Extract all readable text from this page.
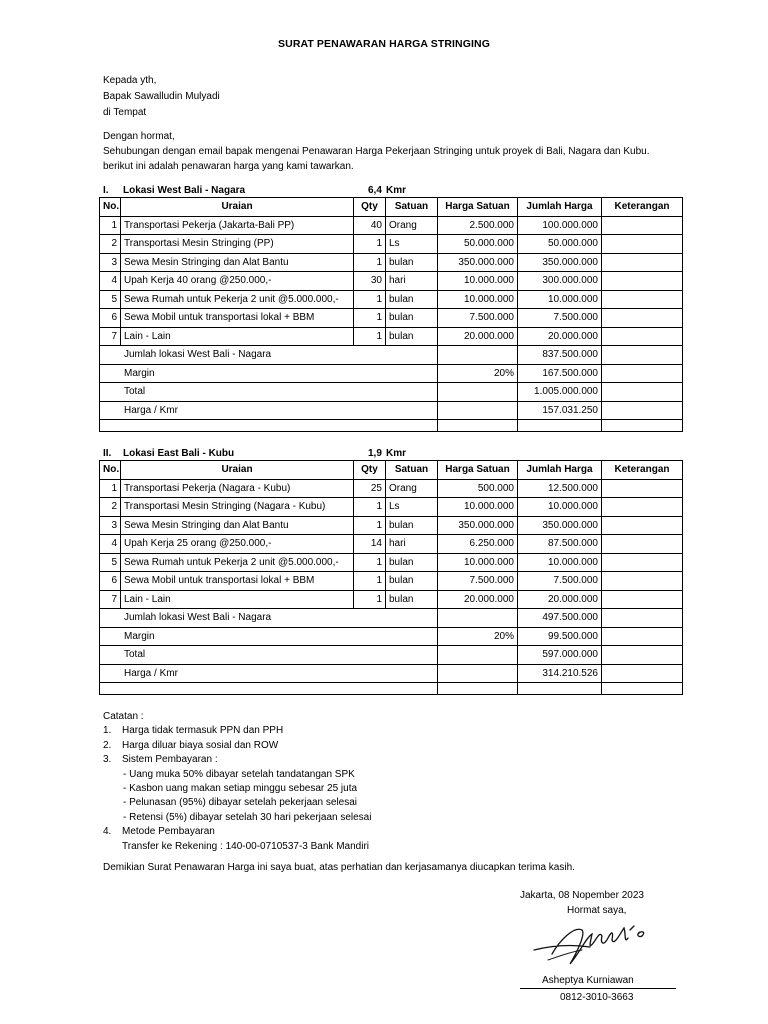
SURAT PENAWARAN HARGA STRINGING
Kepada yth,
Bapak Sawalludin Mulyadi
di Tempat
Dengan hormat,
Sehubungan dengan email bapak mengenai Penawaran Harga Pekerjaan Stringing untuk proyek di Bali, Nagara dan Kubu.
berikut ini adalah penawaran harga yang kami tawarkan.
I. Lokasi West Bali - Nagara	6,4 Kmr
No.	Uraian	Qty	Satuan	Harga Satuan	Jumlah Harga	Keterangan
1	Transportasi Pekerja (Jakarta-Bali PP)	40	Orang	2.500.000	100.000.000	
2	Transportasi Mesin Stringing (PP)	1	Ls	50.000.000	50.000.000	
3	Sewa Mesin Stringing dan Alat Bantu	1	bulan	350.000.000	350.000.000	
4	Upah Kerja 40 orang @250.000,-	30	hari	10.000.000	300.000.000	
5	Sewa Rumah untuk Pekerja 2 unit @5.000.000,-	1	bulan	10.000.000	10.000.000	
6	Sewa Mobil untuk transportasi lokal + BBM	1	bulan	7.500.000	7.500.000	
7	Lain - Lain	1	bulan	20.000.000	20.000.000	
Jumlah lokasi West Bali - Nagara					837.500.000	
Margin				20%	167.500.000	
Total					1.005.000.000	
Harga / Kmr					157.031.250	

II. Lokasi East Bali - Kubu	1,9 Kmr
No.	Uraian	Qty	Satuan	Harga Satuan	Jumlah Harga	Keterangan
1	Transportasi Pekerja (Nagara - Kubu)	25	Orang	500.000	12.500.000	
2	Transportasi Mesin Stringing (Nagara - Kubu)	1	Ls	10.000.000	10.000.000	
3	Sewa Mesin Stringing dan Alat Bantu	1	bulan	350.000.000	350.000.000	
4	Upah Kerja 25 orang @250.000,-	14	hari	6.250.000	87.500.000	
5	Sewa Rumah untuk Pekerja 2 unit @5.000.000,-	1	bulan	10.000.000	10.000.000	
6	Sewa Mobil untuk transportasi lokal + BBM	1	bulan	7.500.000	7.500.000	
7	Lain - Lain	1	bulan	20.000.000	20.000.000	
Jumlah lokasi West Bali - Nagara					497.500.000	
Margin				20%	99.500.000	
Total					597.000.000	
Harga / Kmr					314.210.526	

Catatan :
1.	Harga tidak termasuk PPN dan PPH
2.	Harga diluar biaya sosial dan ROW
3.	Sistem Pembayaran :
- Uang muka 50% dibayar setelah tandatangan SPK
- Kasbon uang makan setiap minggu sebesar 25 juta
- Pelunasan (95%) dibayar setelah pekerjaan selesai
- Retensi (5%) dibayar setelah 30 hari pekerjaan selesai
4.	Metode Pembayaran
Transfer ke Rekening : 140-00-0710537-3 Bank Mandiri
Demikian Surat Penawaran Harga ini saya buat, atas perhatian dan kerjasamanya diucapkan terima kasih.
Jakarta, 08 Nopember 2023
Hormat saya,
Asheptya Kurniawan
0812-3010-3663
